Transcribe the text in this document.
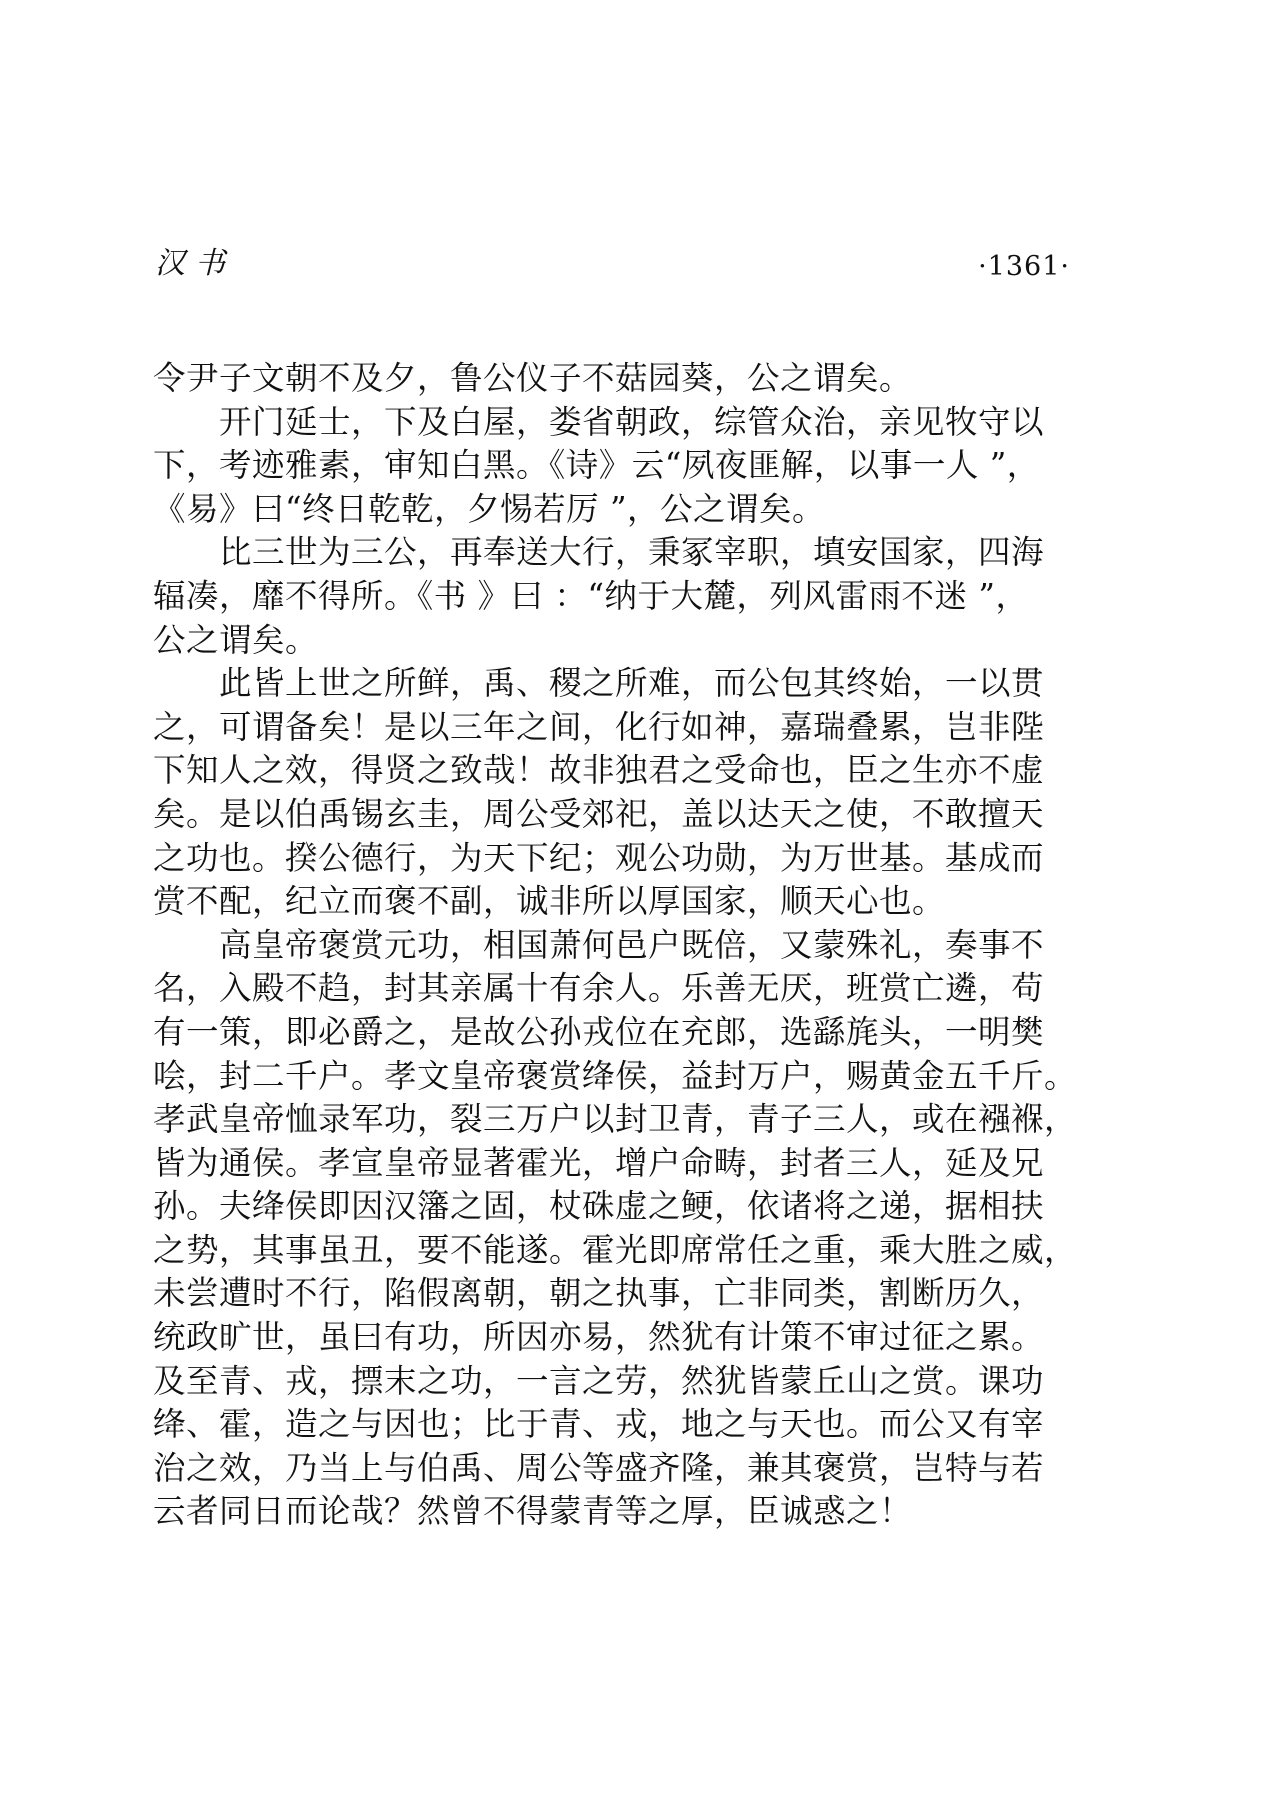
汉书	·1361·
令尹子文朝不及夕，鲁公仪子不菇园葵，公之谓矣。
开门延士，下及白屋，娄省朝政，综管众治，亲见牧守以
下，考迹雅素，审知白黑。《诗》云“夙夜匪解，以事一人 ”，
《易》曰“终日乾乾，夕惕若厉 ”，公之谓矣。
比三世为三公，再奉送大行，秉冢宰职，填安国家，四海
辐凑，靡不得所。《书 》曰 ：“纳于大麓，列风雷雨不迷 ”，
公之谓矣。
此皆上世之所鲜，禹、稷之所难，而公包其终始，一以贯
之，可谓备矣！是以三年之间，化行如神，嘉瑞叠累，岂非陛
下知人之效，得贤之致哉！故非独君之受命也，臣之生亦不虚
矣。是以伯禹锡玄圭，周公受郊祀，盖以达天之使，不敢擅天
之功也。揆公德行，为天下纪；观公功勋，为万世基。基成而
赏不配，纪立而褒不副，诚非所以厚国家，顺天心也。
高皇帝褒赏元功，相国萧何邑户既倍，又蒙殊礼，奏事不
名，入殿不趋，封其亲属十有余人。乐善无厌，班赏亡遴，苟
有一策，即必爵之，是故公孙戎位在充郎，选繇旄头，一明樊
哙，封二千户。孝文皇帝褒赏绛侯，益封万户，赐黄金五千斤。
孝武皇帝恤录军功，裂三万户以封卫青，青子三人，或在襁褓，
皆为通侯。孝宣皇帝显著霍光，增户命畴，封者三人，延及兄
孙。夫绛侯即因汉籓之固，杖硃虚之鲠，依诸将之递，据相扶
之势，其事虽丑，要不能遂。霍光即席常任之重，乘大胜之威，
未尝遭时不行，陷假离朝，朝之执事，亡非同类，割断历久，
统政旷世，虽曰有功，所因亦易，然犹有计策不审过征之累。
及至青、戎，摽末之功，一言之劳，然犹皆蒙丘山之赏。课功
绛、霍，造之与因也；比于青、戎，地之与天也。而公又有宰
治之效，乃当上与伯禹、周公等盛齐隆，兼其褒赏，岂特与若
云者同日而论哉？然曾不得蒙青等之厚，臣诚惑之！
